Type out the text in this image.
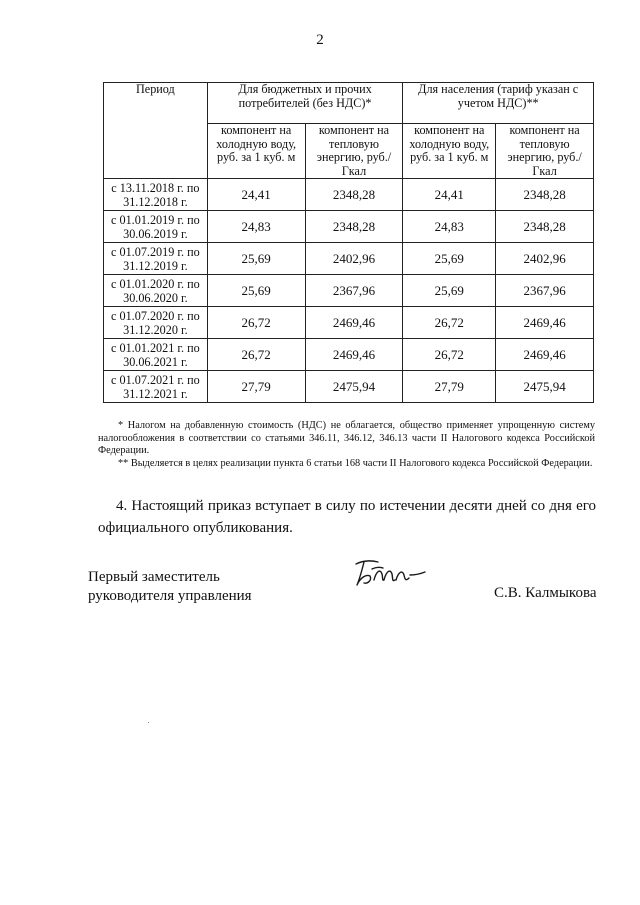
2
Период	Для бюджетных и прочих потребителей (без НДС)*		Для населения (тариф указан с учетом НДС)**	
	компонент на холодную воду, руб. за 1 куб. м	компонент на тепловую энергию, руб./Гкал	компонент на холодную воду, руб. за 1 куб. м	компонент на тепловую энергию, руб./Гкал
с 13.11.2018 г. по 31.12.2018 г.	24,41	2348,28	24,41	2348,28
с 01.01.2019 г. по 30.06.2019 г.	24,83	2348,28	24,83	2348,28
с 01.07.2019 г. по 31.12.2019 г.	25,69	2402,96	25,69	2402,96
с 01.01.2020 г. по 30.06.2020 г.	25,69	2367,96	25,69	2367,96
с 01.07.2020 г. по 31.12.2020 г.	26,72	2469,46	26,72	2469,46
с 01.01.2021 г. по 30.06.2021 г.	26,72	2469,46	26,72	2469,46
с 01.07.2021 г. по 31.12.2021 г.	27,79	2475,94	27,79	2475,94
* Налогом на добавленную стоимость (НДС) не облагается, общество применяет упрощенную систему налогообложения в соответствии со статьями 346.11, 346.12, 346.13 части II Налогового кодекса Российской Федерации.
** Выделяется в целях реализации пункта 6 статьи 168 части II Налогового кодекса Российской Федерации.
4. Настоящий приказ вступает в силу по истечении десяти дней со дня его официального опубликования.
Первый заместитель
руководителя управления	С.В. Калмыкова
